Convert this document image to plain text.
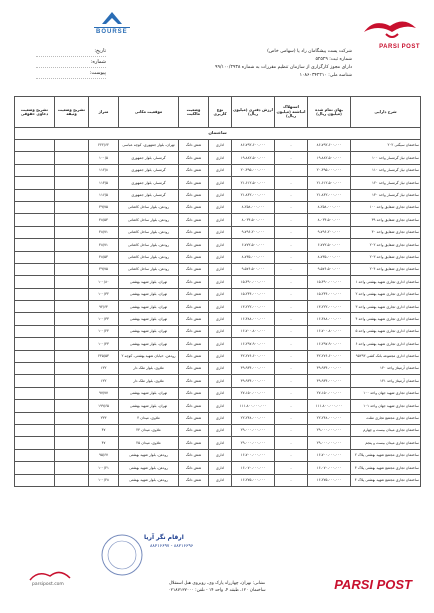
BOURSE
PARSI POST
تاریخ:
شماره:
پیوست:
شرکت پست پیشگامان راد پا (سهامی خاص)
شماره ثبت: ۵۲۵۲۹
دارای مجوز کارگزاری از سازمان تنظیم مقررات به شماره ۹۹/۱۰۰/۲۹۳۸
شناسه ملی: ۱۰۸۶۰۳۴۲۲۱۰
شرح دارایی	بهای تمام شده (میلیون ریال)	استهلاک انباشته (میلیون ریال)	ارزش دفتری (میلیون ریال)	نوع کاربری	وضعیت مالکیت	موقعیت مکانی	متراژ	تشریح وضعیت وثیقه	تشریح وضعیت دعاوی حقوقی
ساختمان									
ساختمان سیگنی ۲۰۲	۸۶،۷۹۲،۶۰۰،۰۰۰	-	۸۶،۷۹۲،۶۰۰،۰۰۰	اداری	شش دانگ	تهران، بلوار جمهوری، کوچه عباسی	۲۲۲/۶۲		
ساختمان نیاز گرمسار واحد ۱۰۰	۱۹،۸۸۲،۵۰۰،۰۰۰	-	۱۹،۸۸۲،۵۰۰،۰۰۰	اداری	شش دانگ	گرمسار، بلوار جمهوری	۱۰۰/۵		
ساختمان نیاز گرمسار واحد ۱۱۰	۲۰،۳۹۵،۰۰۰،۰۰۰	-	۲۰،۳۹۵،۰۰۰،۰۰۰	اداری	شش دانگ	گرمسار، بلوار جمهوری	۱۱۲/۸		
ساختمان نیاز گرمسار واحد ۱۲۰	۲۱،۶۱۲،۵۰۰،۰۰۰	-	۲۱،۶۱۲،۵۰۰،۰۰۰	اداری	شش دانگ	گرمسار، بلوار جمهوری	۱۱۳/۵		
ساختمان نیاز گرمسار واحد ۱۳۰	۲۱،۸۴۲،۰۰۰،۰۰۰	-	۲۱،۸۴۲،۰۰۰،۰۰۰	اداری	شش دانگ	گرمسار، بلوار جمهوری	۱۱۶/۵		
ساختمان تجاری شقایق واحد ۱۰۰	۸،۲۵۸،۰۰۰،۰۰۰	-	۸،۲۵۸،۰۰۰،۰۰۰	اداری	شش دانگ	رودهن، بلوار ساحل کاشانی	۳۹/۷۵		
ساختمان تجاری شقایق واحد ۳۹	۸،۰۳۴،۵۰۰،۰۰۰	-	۸،۰۳۴،۵۰۰،۰۰۰	اداری	شش دانگ	رودهن، بلوار ساحل کاشانی	۴۸/۵۳		
ساختمان تجاری شقایق واحد ۳۰	۹،۷۹۶،۲۰۰،۰۰۰	-	۹،۷۹۶،۲۰۰،۰۰۰	اداری	شش دانگ	رودهن، بلوار ساحل کاشانی	۴۸/۷۱		
ساختمان تجاری شقایق واحد ۲۰۲	۶،۷۷۲،۵۰۰،۰۰۰	-	۶،۷۷۲،۵۰۰،۰۰۰	اداری	شش دانگ	رودهن، بلوار ساحل کاشانی	۴۸/۷۱		
ساختمان تجاری شقایق واحد ۲۰۳	۸،۷۳۵،۰۰۰،۰۰۰	-	۸،۷۳۵،۰۰۰،۰۰۰	اداری	شش دانگ	رودهن، بلوار ساحل کاشانی	۴۸/۵۳		
ساختمان تجاری شقایق واحد ۲۰۴	۹،۵۷۶،۵۰۰،۰۰۰	-	۹،۵۷۶،۵۰۰،۰۰۰	اداری	شش دانگ	رودهن، بلوار ساحل کاشانی	۳۹/۷۵		
ساختمان اداری تجاری شهید بهشتی واحد ۱	۱۵،۳۹۰،۰۰۰،۰۰۰	-	۱۵،۳۹۰،۰۰۰،۰۰۰	اداری	شش دانگ	تهران، بلوار شهید بهشتی	۱۰۰/۸۰		
ساختمان اداری تجاری شهید بهشتی واحد ۲	۱۵،۲۴۴،۰۰۰،۰۰۰	-	۱۵،۲۴۴،۰۰۰،۰۰۰	اداری	شش دانگ	تهران، بلوار شهید بهشتی	۱۰۰/۳۲		
ساختمان اداری تجاری شهید بهشتی واحد ۳	۱۳،۲۲۲،۰۰۰،۰۰۰	-	۱۳،۲۲۲،۰۰۰،۰۰۰	اداری	شش دانگ	تهران، بلوار شهید بهشتی	۹۲/۶۴		
ساختمان اداری تجاری شهید بهشتی واحد ۴	۱۶،۳۸۸،۰۰۰،۰۰۰	-	۱۶،۳۸۸،۰۰۰،۰۰۰	اداری	شش دانگ	تهران، بلوار شهید بهشتی	۱۰۰/۳۳		
ساختمان اداری تجاری شهید بهشتی واحد ۵	۱۶،۷۰۰،۸۰۰،۰۰۰	-	۱۶،۷۰۰،۸۰۰،۰۰۰	اداری	شش دانگ	تهران، بلوار شهید بهشتی	۱۰۰/۲۴		
ساختمان اداری تجاری شهید بهشتی واحد ۶	۱۶،۲۹۷،۹۰۰،۰۰۰	-	۱۶،۲۹۷،۹۰۰،۰۰۰	اداری	شش دانگ	تهران، بلوار شهید بهشتی	۱۰۰/۴۳		
ساختمان اداری مجموعه بانک کشی ۹۵۲۹۳	۳۲،۲۷۶،۶۰۰،۰۰۰	-	۳۲،۲۷۶،۶۰۰،۰۰۰	اداری	شش دانگ	رودهن، خیابان شهید بهشتی، کوچه ۲	۲۴۵/۵۳		
ساختمان آرمیتاژ واحد ۱۴۰	۳۹،۹۳۴،۰۰۰،۰۰۰	-	۳۹،۹۳۴،۰۰۰،۰۰۰	اداری	شش دانگ	ملاوی، بلوار ملک دار	۱۳۲		
ساختمان آرمیتاژ واحد ۱۴۱	۳۹،۹۳۴،۰۰۰،۰۰۰	-	۳۹،۹۳۴،۰۰۰،۰۰۰	اداری	شش دانگ	ملاوی، بلوار ملک دار	۱۳۲		
ساختمان تجاری شهید جهان واحد ۱۰۰	۲۷،۱۵۰،۰۰۰،۰۰۰	-	۲۷،۱۵۰،۰۰۰،۰۰۰	اداری	شش دانگ	تهران، بلوار شهید بهشتی	۹۷/۷۷		
ساختمان تجاری شهید جهان واحد ۱۰۱	۱۱۱،۸۰۰،۰۰۰،۰۰۰	-	۱۱۱،۸۰۰،۰۰۰،۰۰۰	اداری	شش دانگ	تهران، بلوار شهید بهشتی	۱۹۹/۶۵		
ساختمان تجاری مجتمع تجاری مثلث	۲۲،۲۴۸،۰۰۰،۰۰۰	-	۲۲،۲۴۸،۰۰۰،۰۰۰	اداری	شش دانگ	ملاوی، میدان ۴	۲۳۳		
ساختمان تجاری میدان بیست و چهارم	۲۹،۰۰۰،۰۰۰،۰۰۰	-	۲۹،۰۰۰،۰۰۰،۰۰۰	اداری	شش دانگ	ملاوی، میدان ۲۴	۴۷		
ساختمان تجاری میدان بیست و پنجم	۲۹،۰۰۰،۰۰۰،۰۰۰	-	۲۹،۰۰۰،۰۰۰،۰۰۰	اداری	شش دانگ	ملاوی، میدان ۲۵	۴۷		
ساختمان تجاری مجتمع شهید بهشتی پلاک ۲	۱۶،۷۰۰،۰۰۰،۰۰۰	-	۱۶،۷۰۰،۰۰۰،۰۰۰	اداری	شش دانگ	رودهن، بلوار شهید بهشتی	۹۵/۶۷		
ساختمان تجاری مجتمع شهید بهشتی پلاک ۳	۱۶،۰۷۰،۰۰۰،۰۰۰	-	۱۶،۰۷۰،۰۰۰،۰۰۰	اداری	شش دانگ	رودهن، بلوار شهید بهشتی	۱۰۰/۲۱		
ساختمان تجاری مجتمع شهید بهشتی پلاک ۴	۱۶،۲۷۵،۰۰۰،۰۰۰	-	۱۶،۲۷۵،۰۰۰،۰۰۰	اداری	شش دانگ	رودهن، بلوار شهید بهشتی	۱۰۰/۲۸		
ارقام نگر آریا
۸۸۲۱۶۶۹۷ - ۸۸۲۱۶۶۹۶
parsipost.com	نشانی: تهران، چهارراه پارک وی، روبروی هتل استقلال
ساختمان ۱۲۰، طبقه ۴، واحد ۱۴ - تلفن: ۰۲۱۸۷۱۳۷۰۰۰	PARSI POST
